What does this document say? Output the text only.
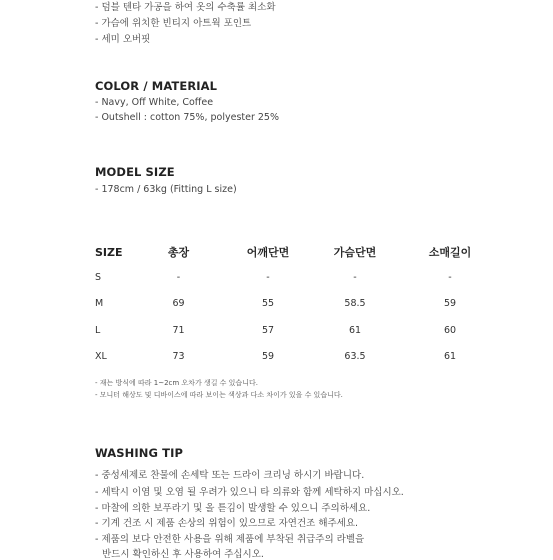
- 덤블 텐타 가공을 하여 옷의 수축률 최소화
- 가슴에 위치한 빈티지 아트웍 포인트
- 세미 오버핏
COLOR / MATERIAL
- Navy, Off White, Coffee
- Outshell : cotton 75%, polyester 25%
MODEL SIZE
- 178cm / 63kg (Fitting L size)
SIZE	총장	어깨단면	가슴단면	소매길이
S	-	-	-	-
M	69	55	58.5	59
L	71	57	61	60
XL	73	59	63.5	61
- 재는 방식에 따라 1~2cm 오차가 생길 수 있습니다.
- 모니터 해상도 및 디바이스에 따라 보이는 색상과 다소 차이가 있을 수 있습니다.
WASHING TIP
- 중성세제로 찬물에 손세탁 또는 드라이 크리닝 하시기 바랍니다.
- 세탁시 이염 및 오염 될 우려가 있으니 타 의류와 함께 세탁하지 마십시오.
- 마찰에 의한 보푸라기 및 올 튿김이 발생할 수 있으니 주의하세요.
- 기계 건조 시 제품 손상의 위험이 있으므로 자연건조 해주세요.
- 제품의 보다 안전한 사용을 위해 제품에 부착된 취급주의 라벨을
반드시 확인하신 후 사용하여 주십시오.
